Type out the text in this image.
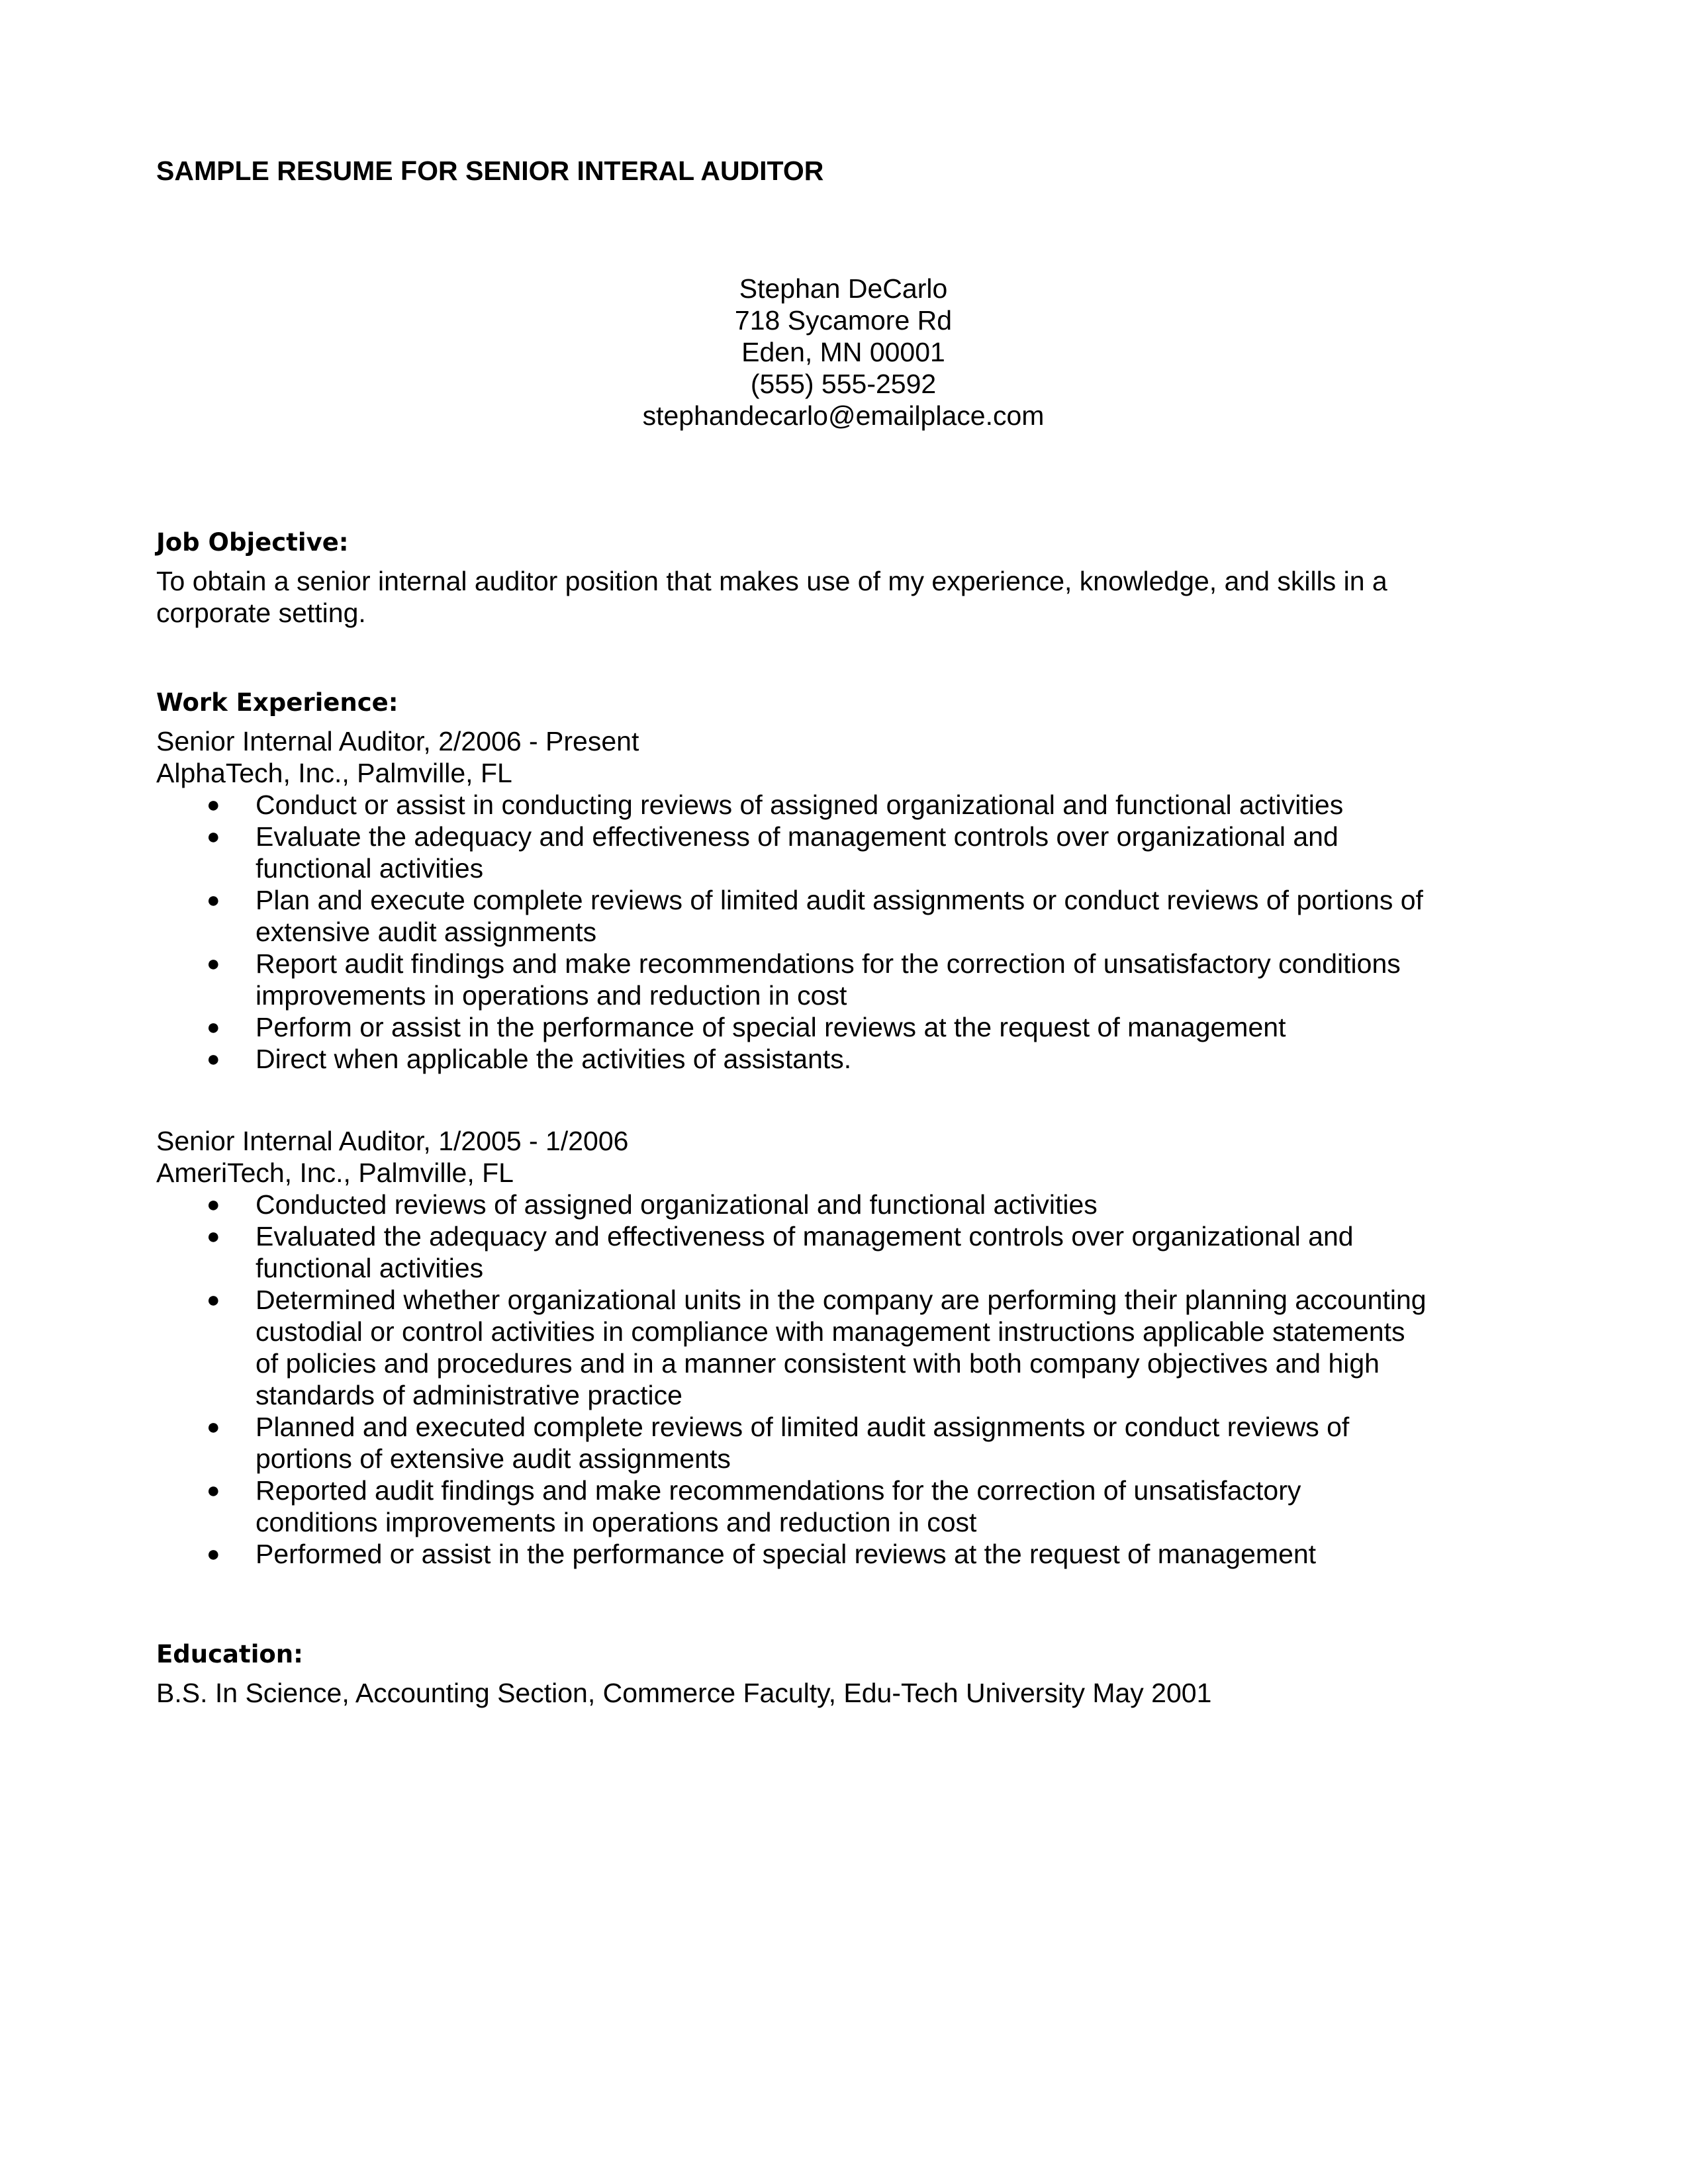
SAMPLE RESUME FOR SENIOR INTERAL AUDITOR
Stephan DeCarlo
718 Sycamore Rd
Eden, MN 00001
(555) 555-2592
stephandecarlo@emailplace.com
Job Objective:
To obtain a senior internal auditor position that makes use of my experience, knowledge, and skills in a
corporate setting.
Work Experience:
Senior Internal Auditor, 2/2006 - Present
AlphaTech, Inc., Palmville, FL
● Conduct or assist in conducting reviews of assigned organizational and functional activities
● Evaluate the adequacy and effectiveness of management controls over organizational and
functional activities
● Plan and execute complete reviews of limited audit assignments or conduct reviews of portions of
extensive audit assignments
● Report audit findings and make recommendations for the correction of unsatisfactory conditions
improvements in operations and reduction in cost
● Perform or assist in the performance of special reviews at the request of management
● Direct when applicable the activities of assistants.
Senior Internal Auditor, 1/2005 - 1/2006
AmeriTech, Inc., Palmville, FL
● Conducted reviews of assigned organizational and functional activities
● Evaluated the adequacy and effectiveness of management controls over organizational and
functional activities
● Determined whether organizational units in the company are performing their planning accounting
custodial or control activities in compliance with management instructions applicable statements
of policies and procedures and in a manner consistent with both company objectives and high
standards of administrative practice
● Planned and executed complete reviews of limited audit assignments or conduct reviews of
portions of extensive audit assignments
● Reported audit findings and make recommendations for the correction of unsatisfactory
conditions improvements in operations and reduction in cost
● Performed or assist in the performance of special reviews at the request of management
Education:
B.S. In Science, Accounting Section, Commerce Faculty, Edu-Tech University May 2001
